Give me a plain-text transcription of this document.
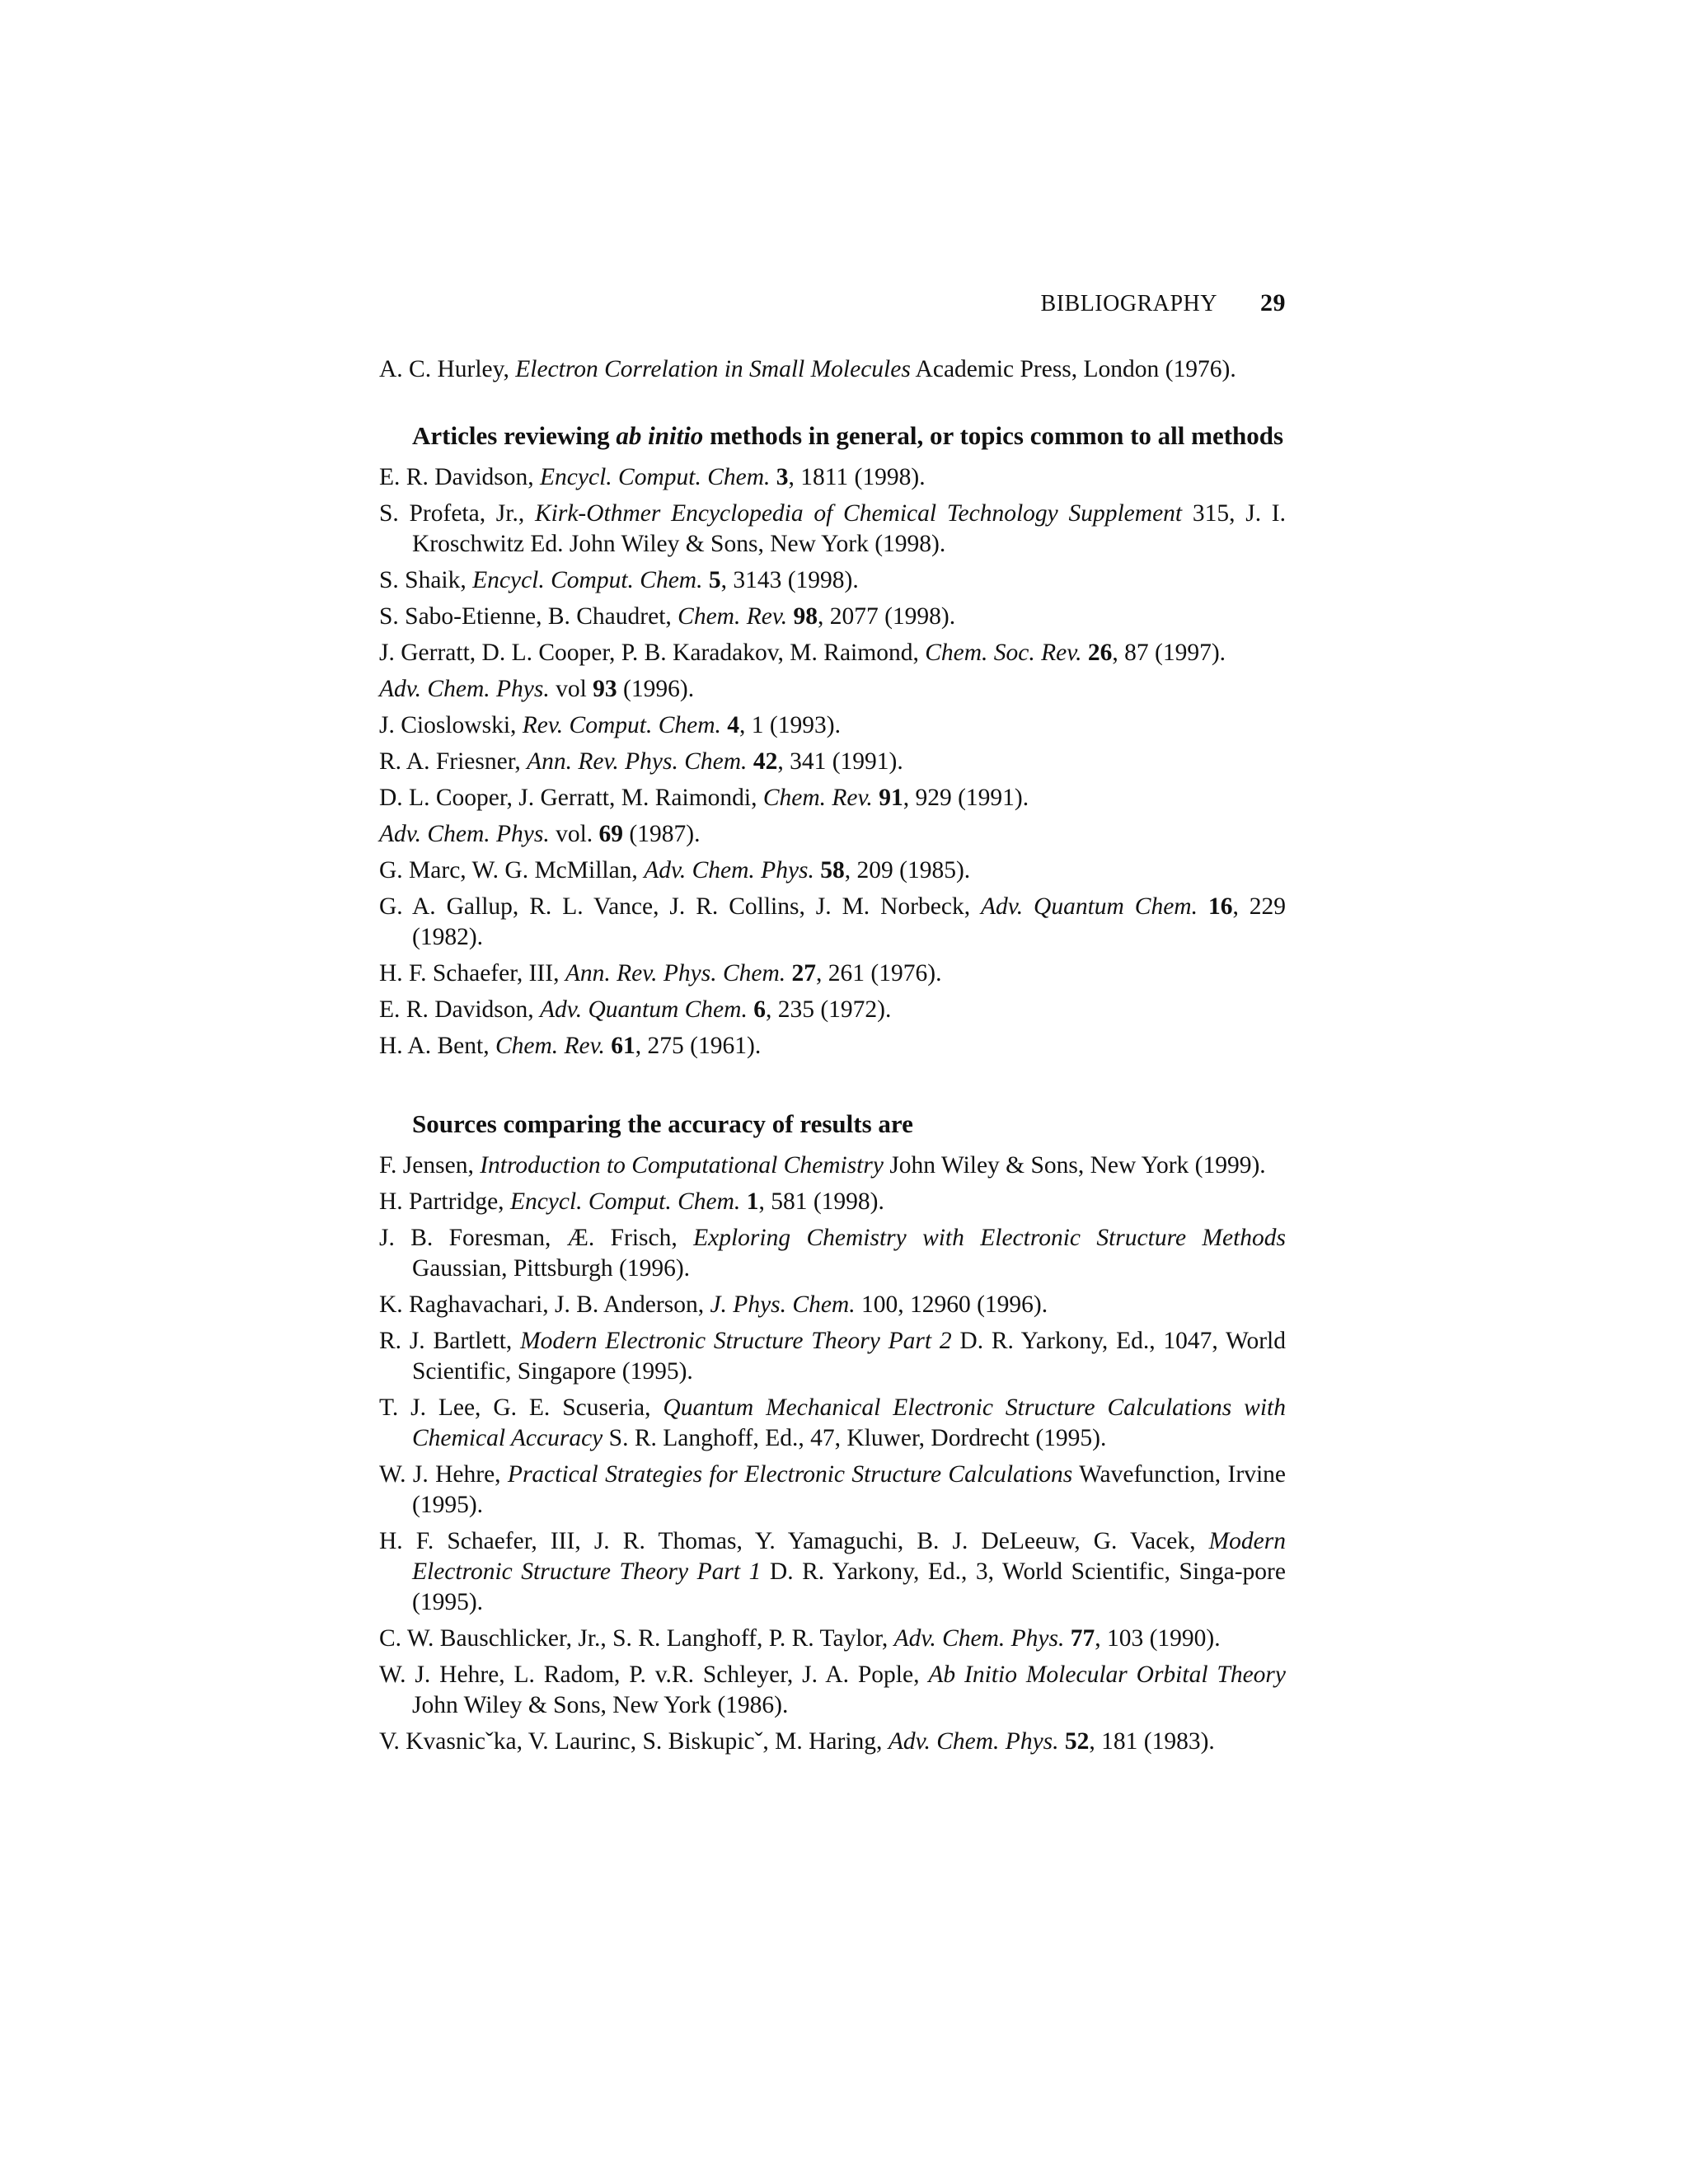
BIBLIOGRAPHY 29

A. C. Hurley, Electron Correlation in Small Molecules Academic Press, London (1976).

Articles reviewing ab initio methods in general, or topics common to all methods

E. R. Davidson, Encycl. Comput. Chem. 3, 1811 (1998).

S. Profeta, Jr., Kirk-Othmer Encyclopedia of Chemical Technology Supplement 315, J. I. Kroschwitz Ed. John Wiley & Sons, New York (1998).

S. Shaik, Encycl. Comput. Chem. 5, 3143 (1998).

S. Sabo-Etienne, B. Chaudret, Chem. Rev. 98, 2077 (1998).

J. Gerratt, D. L. Cooper, P. B. Karadakov, M. Raimond, Chem. Soc. Rev. 26, 87 (1997).

Adv. Chem. Phys. vol 93 (1996).

J. Cioslowski, Rev. Comput. Chem. 4, 1 (1993).

R. A. Friesner, Ann. Rev. Phys. Chem. 42, 341 (1991).

D. L. Cooper, J. Gerratt, M. Raimondi, Chem. Rev. 91, 929 (1991).

Adv. Chem. Phys. vol. 69 (1987).

G. Marc, W. G. McMillan, Adv. Chem. Phys. 58, 209 (1985).

G. A. Gallup, R. L. Vance, J. R. Collins, J. M. Norbeck, Adv. Quantum Chem. 16, 229 (1982).

H. F. Schaefer, III, Ann. Rev. Phys. Chem. 27, 261 (1976).

E. R. Davidson, Adv. Quantum Chem. 6, 235 (1972).

H. A. Bent, Chem. Rev. 61, 275 (1961).

Sources comparing the accuracy of results are

F. Jensen, Introduction to Computational Chemistry John Wiley & Sons, New York (1999).

H. Partridge, Encycl. Comput. Chem. 1, 581 (1998).

J. B. Foresman, Æ. Frisch, Exploring Chemistry with Electronic Structure Methods Gaussian, Pittsburgh (1996).

K. Raghavachari, J. B. Anderson, J. Phys. Chem. 100, 12960 (1996).

R. J. Bartlett, Modern Electronic Structure Theory Part 2 D. R. Yarkony, Ed., 1047, World Scientific, Singapore (1995).

T. J. Lee, G. E. Scuseria, Quantum Mechanical Electronic Structure Calculations with Chemical Accuracy S. R. Langhoff, Ed., 47, Kluwer, Dordrecht (1995).

W. J. Hehre, Practical Strategies for Electronic Structure Calculations Wavefunction, Irvine (1995).

H. F. Schaefer, III, J. R. Thomas, Y. Yamaguchi, B. J. DeLeeuw, G. Vacek, Modern Electronic Structure Theory Part 1 D. R. Yarkony, Ed., 3, World Scientific, Singa-pore (1995).

C. W. Bauschlicker, Jr., S. R. Langhoff, P. R. Taylor, Adv. Chem. Phys. 77, 103 (1990).

W. J. Hehre, L. Radom, P. v.R. Schleyer, J. A. Pople, Ab Initio Molecular Orbital Theory John Wiley & Sons, New York (1986).

V. Kvasnicˇka, V. Laurinc, S. Biskupicˇ, M. Haring, Adv. Chem. Phys. 52, 181 (1983).
